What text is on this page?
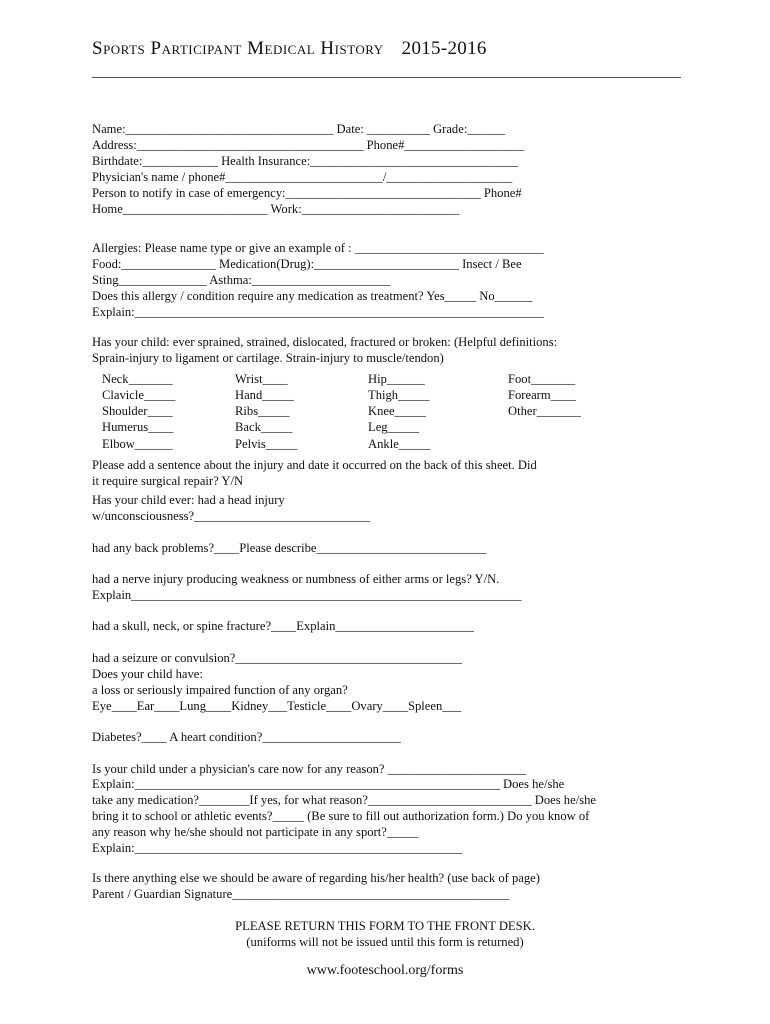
Sports Participant Medical History 2015-2016
Name:_________________________________ Date: __________ Grade:______
Address:____________________________________ Phone#___________________
Birthdate:____________ Health Insurance:_________________________________
Physician's name / phone#_________________________/____________________
Person to notify in case of emergency:_______________________________ Phone#
Home_______________________ Work:_________________________
Allergies: Please name type or give an example of : ______________________________
Food:_______________ Medication(Drug):_______________________ Insect / Bee
Sting______________ Asthma:______________________
Does this allergy / condition require any medication as treatment? Yes_____ No______
Explain:_________________________________________________________________
Has your child: ever sprained, strained, dislocated, fractured or broken: (Helpful definitions:
Sprain-injury to ligament or cartilage. Strain-injury to muscle/tendon)
Neck_______
Clavicle_____
Shoulder____
Humerus____
Elbow______
Wrist____
Hand_____
Ribs_____
Back_____
Pelvis_____
Hip______
Thigh_____
Knee_____
Leg_____
Ankle_____
Foot_______
Forearm____
Other_______
Please add a sentence about the injury and date it occurred on the back of this sheet. Did
it require surgical repair? Y/N
Has your child ever: had a head injury
w/unconsciousness?____________________________
had any back problems?____Please describe___________________________
had a nerve injury producing weakness or numbness of either arms or legs? Y/N.
Explain______________________________________________________________
had a skull, neck, or spine fracture?____Explain______________________
had a seizure or convulsion?____________________________________
Does your child have:
a loss or seriously impaired function of any organ?
Eye____Ear____Lung____Kidney___Testicle____Ovary____Spleen___
Diabetes?____ A heart condition?______________________
Is your child under a physician's care now for any reason? ______________________
Explain:__________________________________________________________ Does he/she
take any medication?________If yes, for what reason?__________________________ Does he/she
bring it to school or athletic events?_____ (Be sure to fill out authorization form.) Do you know of
any reason why he/she should not participate in any sport?_____
Explain:____________________________________________________
Is there anything else we should be aware of regarding his/her health? (use back of page)
Parent / Guardian Signature____________________________________________
PLEASE RETURN THIS FORM TO THE FRONT DESK.
(uniforms will not be issued until this form is returned)
www.footeschool.org/forms
